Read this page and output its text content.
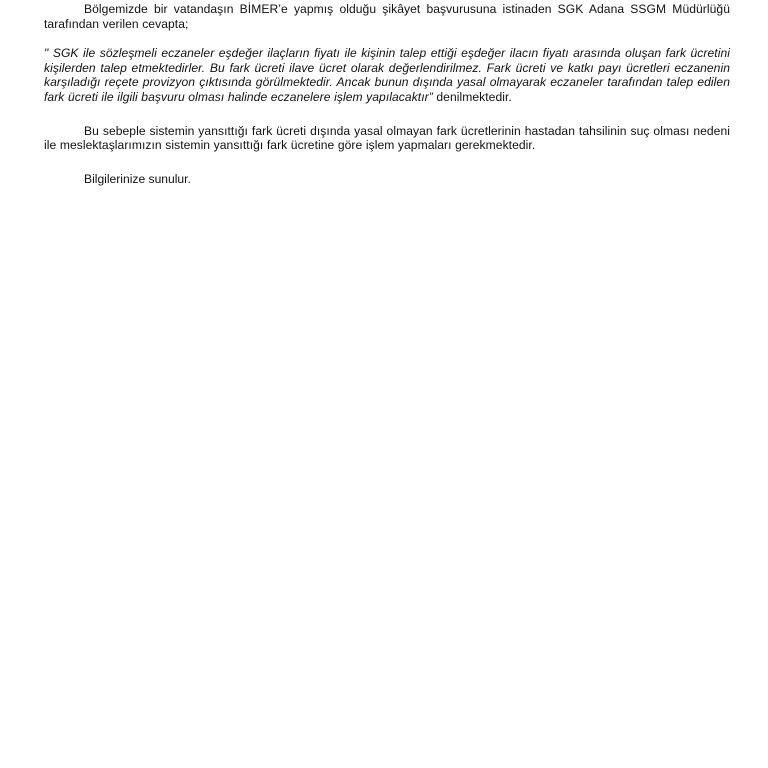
Bölgemizde bir vatandaşın BİMER’e yapmış olduğu şikâyet başvurusuna istinaden SGK Adana SSGM Müdürlüğü tarafından verilen cevapta;

" SGK ile sözleşmeli eczaneler eşdeğer ilaçların fiyatı ile kişinin talep ettiği eşdeğer ilacın fiyatı arasında oluşan fark ücretini kişilerden talep etmektedirler. Bu fark ücreti ilave ücret olarak değerlendirilmez. Fark ücreti ve katkı payı ücretleri eczanenin karşıladığı reçete provizyon çıktısında görülmektedir. Ancak bunun dışında yasal olmayarak eczaneler tarafından talep edilen fark ücreti ile ilgili başvuru olması halinde eczanelere işlem yapılacaktır” denilmektedir.

Bu sebeple sistemin yansıttığı fark ücreti dışında yasal olmayan fark ücretlerinin hastadan tahsilinin suç olması nedeni ile meslektaşlarımızın sistemin yansıttığı fark ücretine göre işlem yapmaları gerekmektedir.

Bilgilerinize sunulur.
